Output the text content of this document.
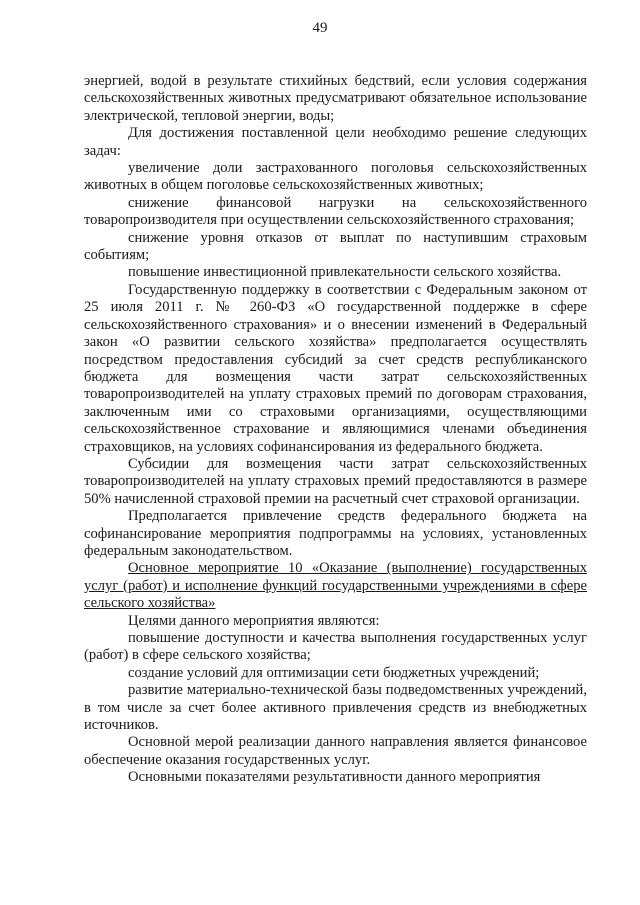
49

энергией, водой в результате стихийных бедствий, если условия содержания сельскохозяйственных животных предусматривают обязательное использование электрической, тепловой энергии, воды;

Для достижения поставленной цели необходимо решение следующих задач:

увеличение доли застрахованного поголовья сельскохозяйственных животных в общем поголовье сельскохозяйственных животных;

снижение финансовой нагрузки на сельскохозяйственного товаропроизводителя при осуществлении сельскохозяйственного страхования;

снижение уровня отказов от выплат по наступившим страховым событиям;

повышение инвестиционной привлекательности сельского хозяйства.

Государственную поддержку в соответствии с Федеральным законом от 25 июля 2011 г. № 260-ФЗ «О государственной поддержке в сфере сельскохозяйственного страхования» и о внесении изменений в Федеральный закон «О развитии сельского хозяйства» предполагается осуществлять посредством предоставления субсидий за счет средств республиканского бюджета для возмещения части затрат сельскохозяйственных товаропроизводителей на уплату страховых премий по договорам страхования, заключенным ими со страховыми организациями, осуществляющими сельскохозяйственное страхование и являющимися членами объединения страховщиков, на условиях софинансирования из федерального бюджета.

Субсидии для возмещения части затрат сельскохозяйственных товаропроизводителей на уплату страховых премий предоставляются в размере 50% начисленной страховой премии на расчетный счет страховой организации.

Предполагается привлечение средств федерального бюджета на софинансирование мероприятия подпрограммы на условиях, установленных федеральным законодательством.

Основное мероприятие 10 «Оказание (выполнение) государственных услуг (работ) и исполнение функций государственными учреждениями в сфере сельского хозяйства»

Целями данного мероприятия являются:

повышение доступности и качества выполнения государственных услуг (работ) в сфере сельского хозяйства;

создание условий для оптимизации сети бюджетных учреждений;

развитие материально-технической базы подведомственных учреждений, в том числе за счет более активного привлечения средств из внебюджетных источников.

Основной мерой реализации данного направления является финансовое обеспечение оказания государственных услуг.

Основными показателями результативности данного мероприятия
